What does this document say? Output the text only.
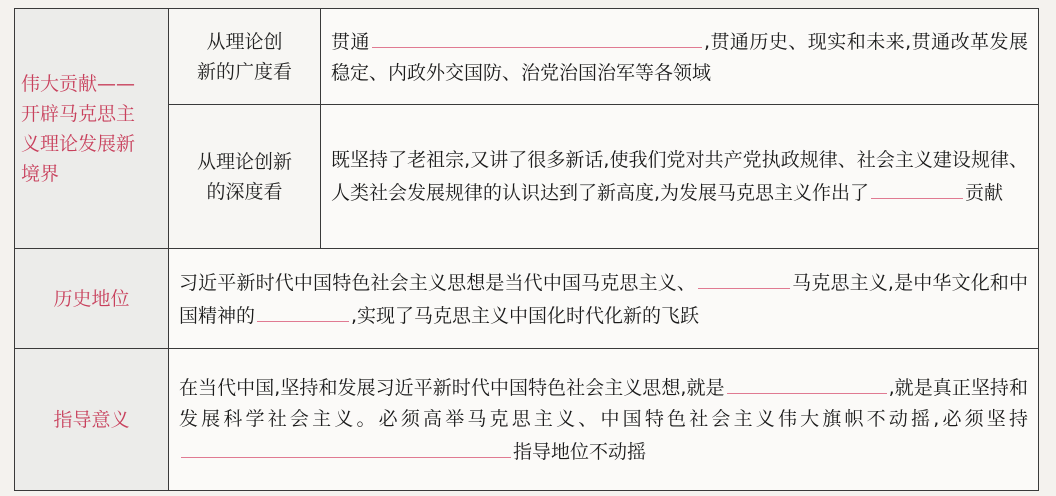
伟大贡献——
开辟马克思主
义理论发展新
境界	从理论创
新的广度看	贯通 ,贯通历史、现实和未来,贯通改革发展稳定、内政外交国防、治党治国治军等各领域

	从理论创新
的深度看	既坚持了老祖宗,又讲了很多新话,使我们党对共产党执政规律、社会主义建设规律、人类社会发展规律的认识达到了新高度,为发展马克思主义作出了 贡献
历史地位	习近平新时代中国特色社会主义思想是当代中国马克思主义、 马克思主义,是中华文化和中国精神的 ,实现了马克思主义中国化时代化新的飞跃	
指导意义	在当代中国,坚持和发展习近平新时代中国特色社会主义思想,就是 ,就是真正坚持和发展科学社会主义。必须高举马克思主义、中国特色社会主义伟大旗帜不动摇,必须坚持指导地位不动摇	
